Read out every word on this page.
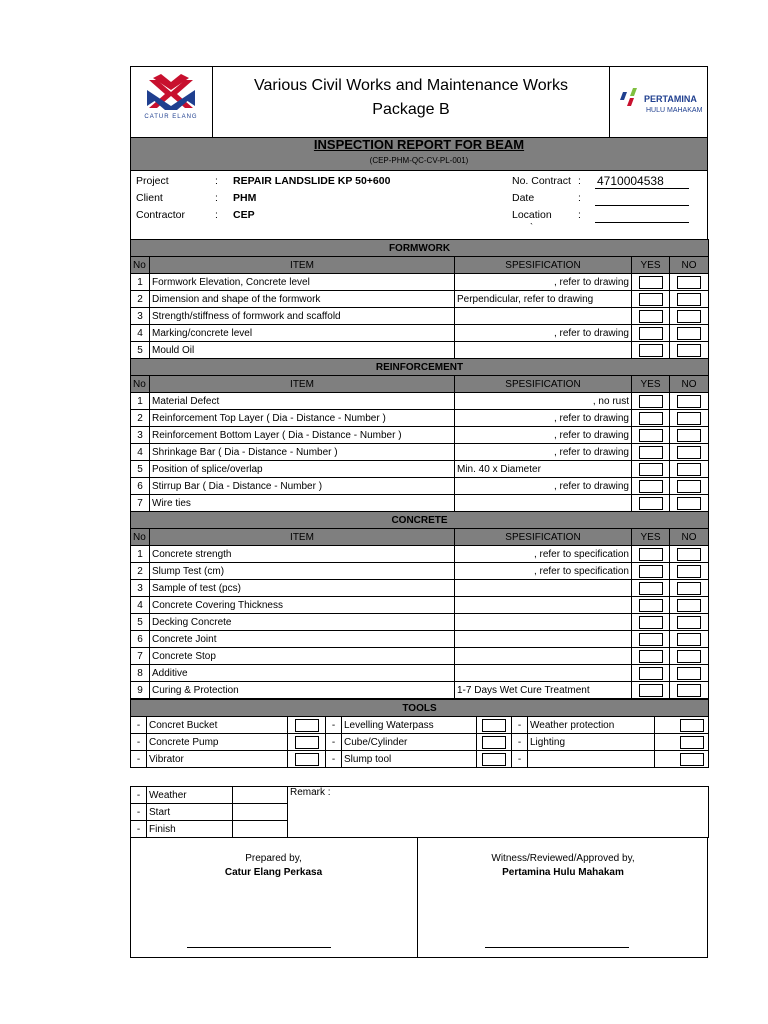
CATUR ELANG
Various Civil Works and Maintenance Works
Package B
PERTAMINA
HULU MAHAKAM
INSPECTION REPORT FOR BEAM
(CEP-PHM-QC-CV-PL-001)
Project	: REPAIR LANDSLIDE KP 50+600
Client	: PHM
Contractor	: CEP
No. Contract : 4710004538
Date	:
Location	:
`
FORMWORK				
No	ITEM	SPESIFICATION	YES	NO
1	Formwork Elevation, Concrete level	, refer to drawing		
2	Dimension and shape of the formwork	Perpendicular, refer to drawing		
3	Strength/stiffness of formwork and scaffold			
4	Marking/concrete level	, refer to drawing		
5	Mould Oil			
REINFORCEMENT				
No	ITEM	SPESIFICATION	YES	NO
1	Material Defect	, no rust		
2	Reinforcement Top Layer ( Dia - Distance - Number )	, refer to drawing		
3	Reinforcement Bottom Layer ( Dia - Distance - Number )	, refer to drawing		
4	Shrinkage Bar ( Dia - Distance - Number )	, refer to drawing		
5	Position of splice/overlap	Min. 40 x Diameter		
6	Stirrup Bar ( Dia - Distance - Number )	, refer to drawing		
7	Wire ties			
CONCRETE				
No	ITEM	SPESIFICATION	YES	NO
1	Concrete strength	, refer to specification		
2	Slump Test (cm)	, refer to specification		
3	Sample of test (pcs)			
4	Concrete Covering Thickness			
5	Decking Concrete			
6	Concrete Joint			
7	Concrete Stop			
8	Additive			
9	Curing & Protection	1-7 Days Wet Cure Treatment		
TOOLS								
-	Concret Bucket		-	Levelling Waterpass		-	Weather protection	
-	Concrete Pump		-	Cube/Cylinder		-	Lighting	
-	Vibrator		-	Slump tool		-		
-	Weather		Remark :
-	Start		
-	Finish		
Prepared by,
Catur Elang Perkasa
Witness/Reviewed/Approved by,
Pertamina Hulu Mahakam
